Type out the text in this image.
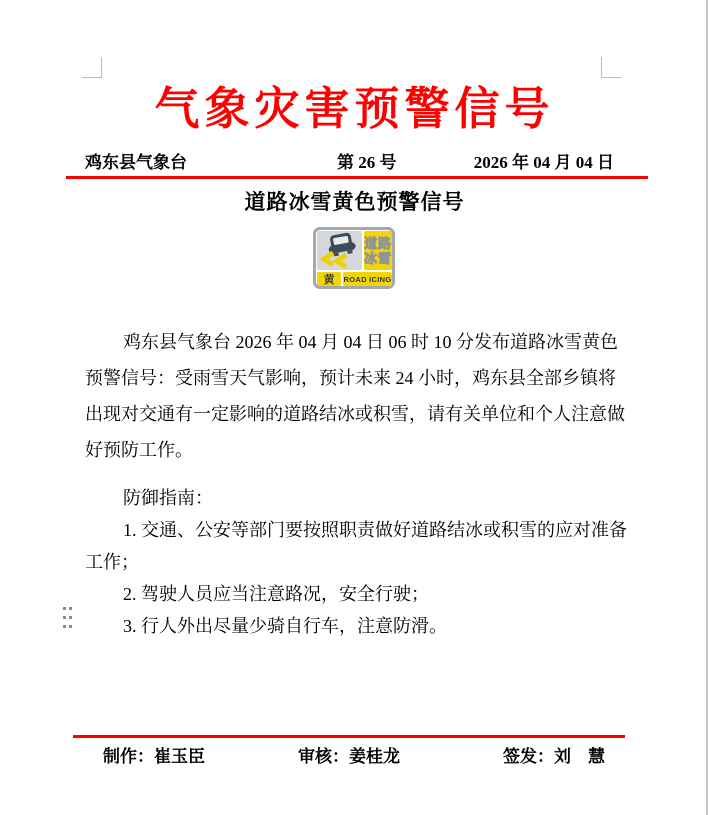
气象灾害预警信号
鸡东县气象台	第 26 号	2026 年 04 月 04 日
道路冰雪黄色预警信号
道路
冰雪
黄	ROAD ICING
鸡东县气象台 2026 年 04 月 04 日 06 时 10 分发布道路冰雪黄色
预警信号：受雨雪天气影响，预计未来 24 小时，鸡东县全部乡镇将
出现对交通有一定影响的道路结冰或积雪，请有关单位和个人注意做
好预防工作。
防御指南：
1. 交通、公安等部门要按照职责做好道路结冰或积雪的应对准备
工作；
2. 驾驶人员应当注意路况，安全行驶；
3. 行人外出尽量少骑自行车，注意防滑。
制作：崔玉臣	审核：姜桂龙	签发：刘　慧
